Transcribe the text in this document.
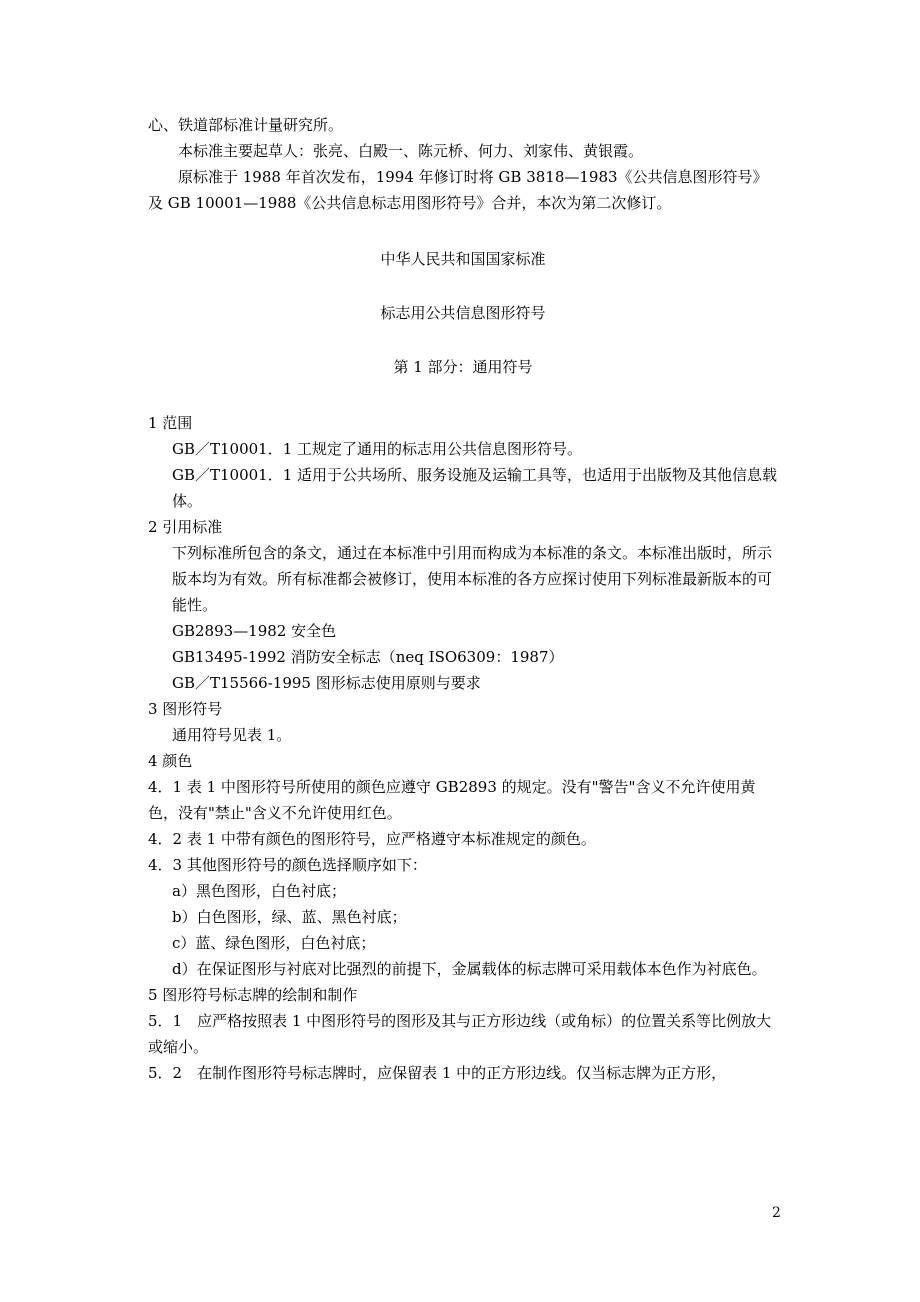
心、铁道部标准计量研究所。

本标准主要起草人：张亮、白殿一、陈元桥、何力、刘家伟、黄银霞。

原标准于 1988 年首次发布，1994 年修订时将 GB 3818—1983《公共信息图形符号》及 GB 10001—1988《公共信息标志用图形符号》合并，本次为第二次修订。

中华人民共和国国家标准

标志用公共信息图形符号

第 1 部分：通用符号

1 范围

GB／T10001．1 工规定了通用的标志用公共信息图形符号。

GB／T10001．1 适用于公共场所、服务设施及运输工具等，也适用于出版物及其他信息载体。

2 引用标准

下列标准所包含的条文，通过在本标准中引用而构成为本标准的条文。本标准出版时，所示版本均为有效。所有标准都会被修订，使用本标准的各方应探讨使用下列标准最新版本的可能性。

GB2893—1982 安全色

GB13495-1992 消防安全标志（neq ISO6309：1987）

GB／T15566-1995 图形标志使用原则与要求

3 图形符号

通用符号见表 1。

4 颜色

4．1 表 1 中图形符号所使用的颜色应遵守 GB2893 的规定。没有"警告"含义不允许使用黄色，没有"禁止"含义不允许使用红色。

4．2 表 1 中带有颜色的图形符号，应严格遵守本标准规定的颜色。

4．3 其他图形符号的颜色选择顺序如下：

a）黑色图形，白色衬底；

b）白色图形，绿、蓝、黑色衬底；

c）蓝、绿色图形，白色衬底；

d）在保证图形与衬底对比强烈的前提下，金属载体的标志牌可采用载体本色作为衬底色。

5 图形符号标志牌的绘制和制作

5．1　应严格按照表 1 中图形符号的图形及其与正方形边线（或角标）的位置关系等比例放大或缩小。

5．2　在制作图形符号标志牌时，应保留表 1 中的正方形边线。仅当标志牌为正方形，

2
